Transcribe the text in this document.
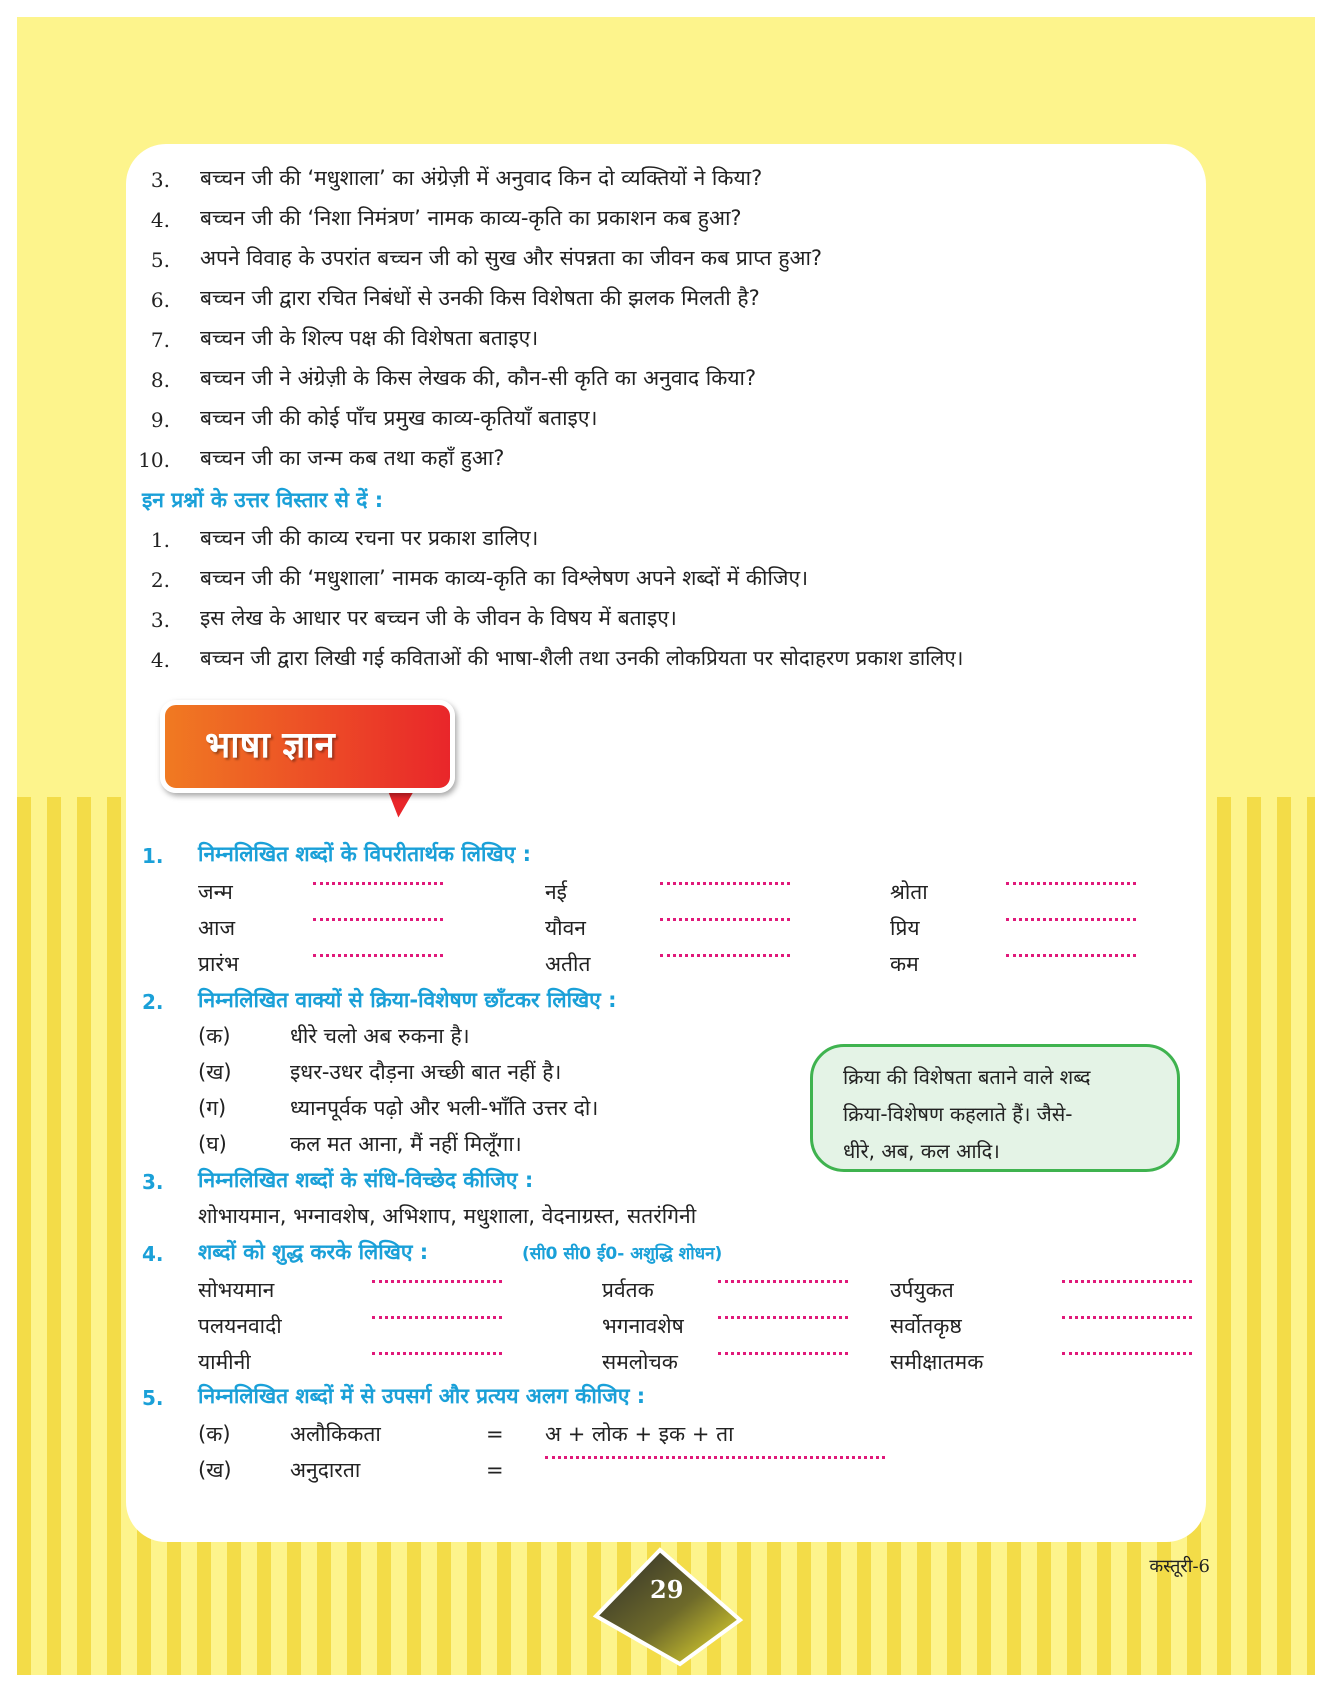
3. बच्चन जी की ‘मधुशाला’ का अंग्रेज़ी में अनुवाद किन दो व्यक्तियों ने किया?
4. बच्चन जी की ‘निशा निमंत्रण’ नामक काव्य-कृति का प्रकाशन कब हुआ?
5. अपने विवाह के उपरांत बच्चन जी को सुख और संपन्नता का जीवन कब प्राप्त हुआ?
6. बच्चन जी द्वारा रचित निबंधों से उनकी किस विशेषता की झलक मिलती है?
7. बच्चन जी के शिल्प पक्ष की विशेषता बताइए।
8. बच्चन जी ने अंग्रेज़ी के किस लेखक की, कौन-सी कृति का अनुवाद किया?
9. बच्चन जी की कोई पाँच प्रमुख काव्य-कृतियाँ बताइए।
10. बच्चन जी का जन्म कब तथा कहाँ हुआ?
इन प्रश्नों के उत्तर विस्तार से दें :
1. बच्चन जी की काव्य रचना पर प्रकाश डालिए।
2. बच्चन जी की ‘मधुशाला’ नामक काव्य-कृति का विश्लेषण अपने शब्दों में कीजिए।
3. इस लेख के आधार पर बच्चन जी के जीवन के विषय में बताइए।
4. बच्चन जी द्वारा लिखी गई कविताओं की भाषा-शैली तथा उनकी लोकप्रियता पर सोदाहरण प्रकाश डालिए।
भाषा ज्ञान
1. निम्नलिखित शब्दों के विपरीतार्थक लिखिए :
जन्म	नई	श्रोता
आज	यौवन	प्रिय
प्रारंभ	अतीत	कम
2. निम्नलिखित वाक्यों से क्रिया-विशेषण छाँटकर लिखिए :
(क)	धीरे चलो अब रुकना है।
(ख)	इधर-उधर दौड़ना अच्छी बात नहीं है।
(ग)	ध्यानपूर्वक पढ़ो और भली-भाँति उत्तर दो।
(घ)	कल मत आना, मैं नहीं मिलूँगा।
क्रिया की विशेषता बताने वाले शब्द
क्रिया-विशेषण कहलाते हैं। जैसे-
धीरे, अब, कल आदि।
3. निम्नलिखित शब्दों के संधि-विच्छेद कीजिए :
शोभायमान, भग्नावशेष, अभिशाप, मधुशाला, वेदनाग्रस्त, सतरंगिनी
4. शब्दों को शुद्ध करके लिखिए :	(सी0 सी0 ई0- अशुद्धि शोधन)
सोभयमान	प्रर्वतक	उर्पयुकत
पलयनवादी	भगनावशेष	सर्वोतकृष्ठ
यामीनी	समलोचक	समीक्षातमक
5. निम्नलिखित शब्दों में से उपसर्ग और प्रत्यय अलग कीजिए :
(क)	अलौकिकता	= अ + लोक + इक + ता
(ख)	अनुदारता	=
29
कस्तूरी-6
